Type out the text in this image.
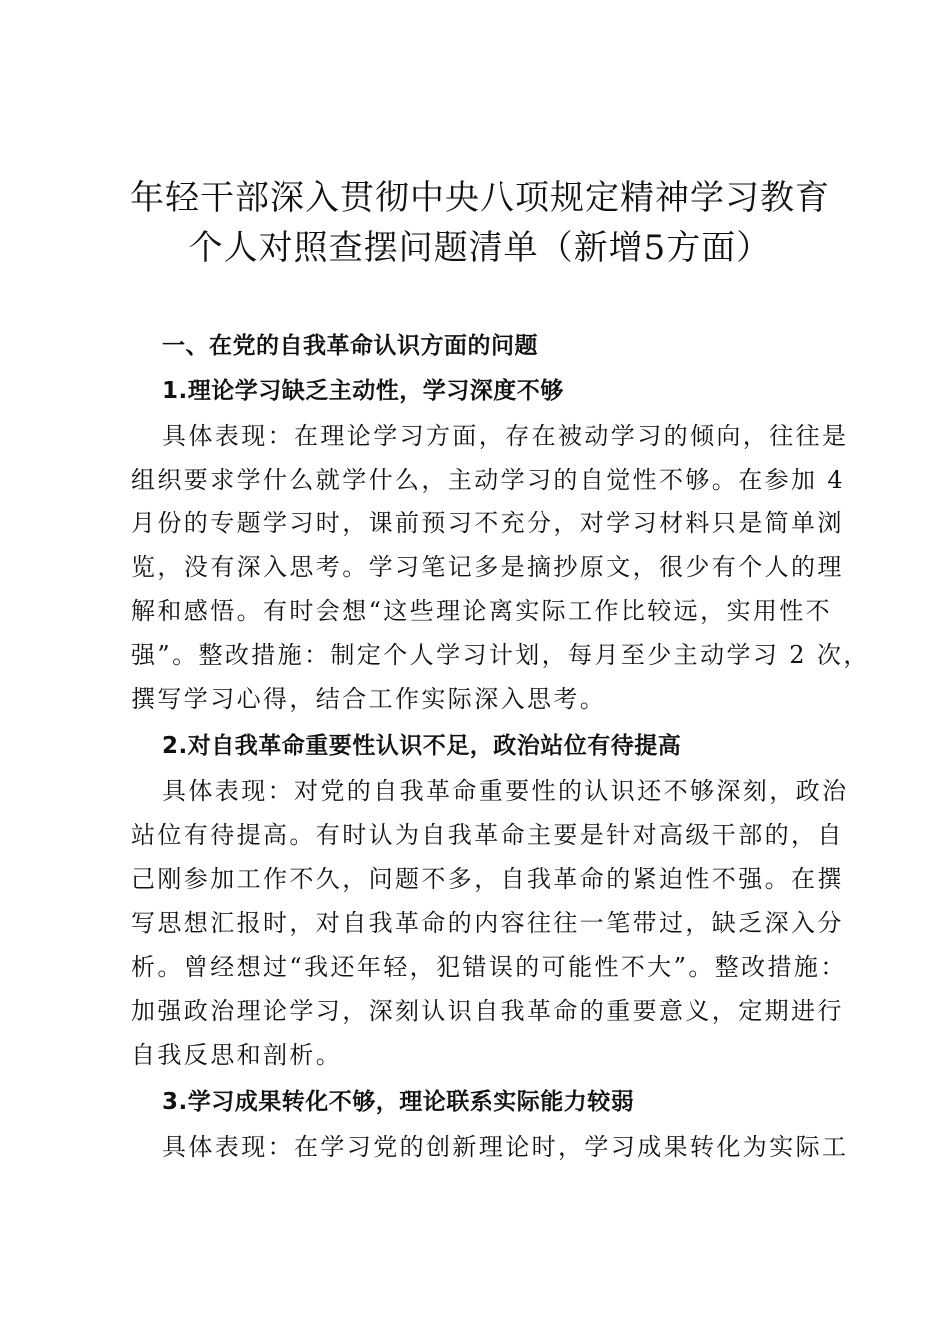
年轻干部深入贯彻中央八项规定精神学习教育
个人对照查摆问题清单（新增5方面）

一、在党的自我革命认识方面的问题

1.理论学习缺乏主动性，学习深度不够

具体表现：在理论学习方面，存在被动学习的倾向，往往是

组织要求学什么就学什么，主动学习的自觉性不够。在参加 4

月份的专题学习时，课前预习不充分，对学习材料只是简单浏

览，没有深入思考。学习笔记多是摘抄原文，很少有个人的理

解和感悟。有时会想“这些理论离实际工作比较远，实用性不

强”。整改措施：制定个人学习计划，每月至少主动学习 2 次，

撰写学习心得，结合工作实际深入思考。

2.对自我革命重要性认识不足，政治站位有待提高

具体表现：对党的自我革命重要性的认识还不够深刻，政治

站位有待提高。有时认为自我革命主要是针对高级干部的，自

己刚参加工作不久，问题不多，自我革命的紧迫性不强。在撰

写思想汇报时，对自我革命的内容往往一笔带过，缺乏深入分

析。曾经想过“我还年轻，犯错误的可能性不大”。整改措施：

加强政治理论学习，深刻认识自我革命的重要意义，定期进行

自我反思和剖析。

3.学习成果转化不够，理论联系实际能力较弱

具体表现：在学习党的创新理论时，学习成果转化为实际工
